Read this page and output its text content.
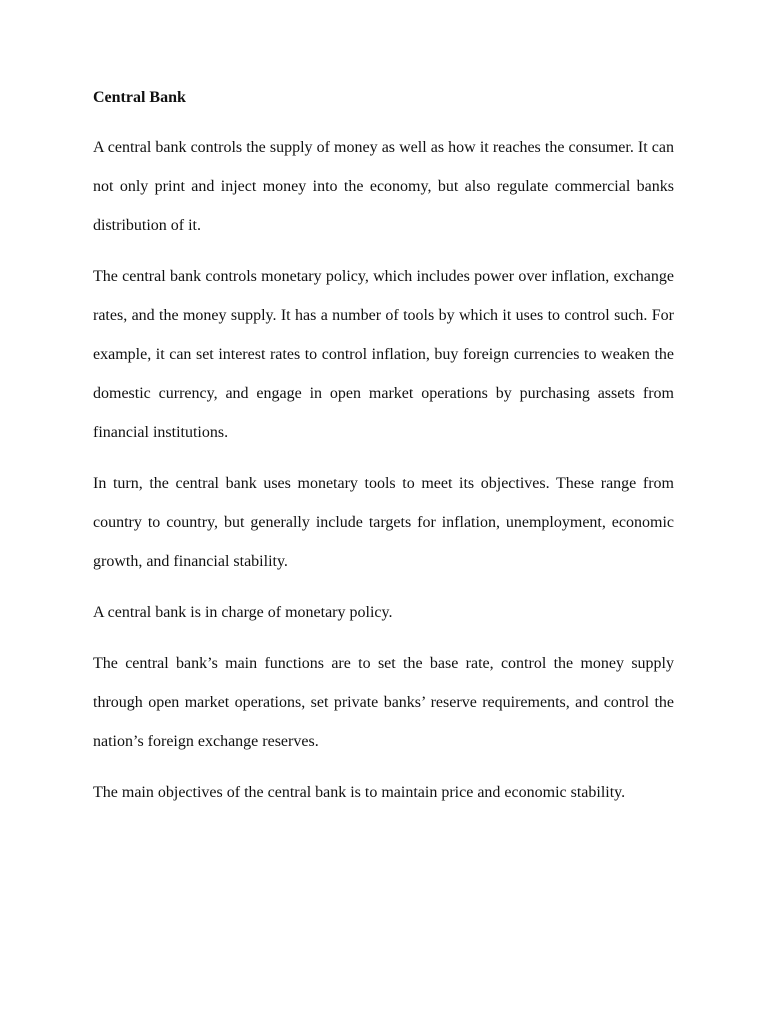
Central Bank

A central bank controls the supply of money as well as how it reaches the consumer. It can not only print and inject money into the economy, but also regulate commercial banks distribution of it.

The central bank controls monetary policy, which includes power over inflation, exchange rates, and the money supply. It has a number of tools by which it uses to control such. For example, it can set interest rates to control inflation, buy foreign currencies to weaken the domestic currency, and engage in open market operations by purchasing assets from financial institutions.

In turn, the central bank uses monetary tools to meet its objectives. These range from country to country, but generally include targets for inflation, unemployment, economic growth, and financial stability.

A central bank is in charge of monetary policy.

The central bank’s main functions are to set the base rate, control the money supply through open market operations, set private banks’ reserve requirements, and control the nation’s foreign exchange reserves.

The main objectives of the central bank is to maintain price and economic stability.
